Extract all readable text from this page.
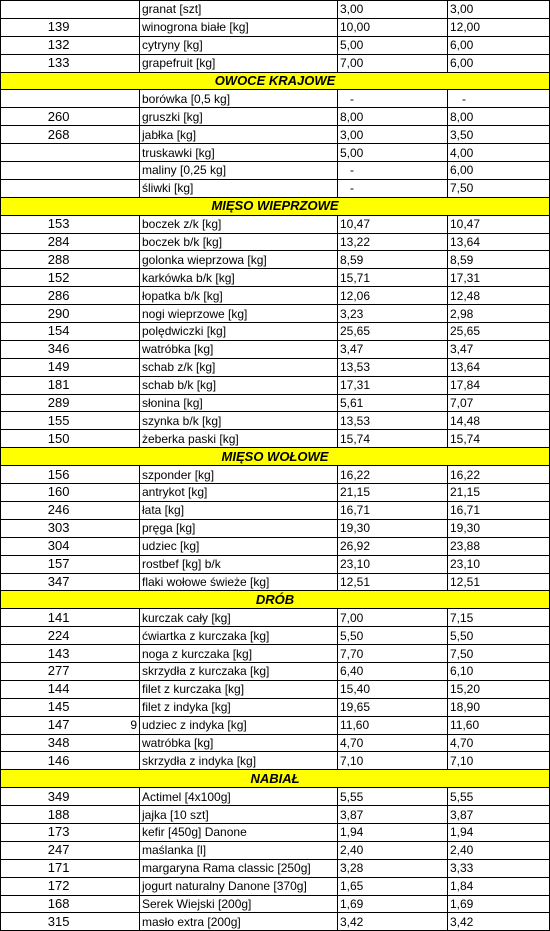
		granat [szt]	3,00	3,00
139		winogrona białe [kg]	10,00	12,00
132		cytryny [kg]	5,00	6,00
133		grapefruit [kg]	7,00	6,00
OWOCE KRAJOWE				
		borówka [0,5 kg]	-	-
260		gruszki [kg]	8,00	8,00
268		jabłka [kg]	3,00	3,50
		truskawki [kg]	5,00	4,00
		maliny [0,25 kg]	-	6,00
		śliwki [kg]	-	7,50
MIĘSO WIEPRZOWE				
153		boczek z/k [kg]	10,47	10,47
284		boczek b/k [kg]	13,22	13,64
288		golonka wieprzowa [kg]	8,59	8,59
152		karkówka b/k [kg]	15,71	17,31
286		łopatka b/k [kg]	12,06	12,48
290		nogi wieprzowe [kg]	3,23	2,98
154		polędwiczki [kg]	25,65	25,65
346		watróbka [kg]	3,47	3,47
149		schab z/k [kg]	13,53	13,64
181		schab b/k [kg]	17,31	17,84
289		słonina [kg]	5,61	7,07
155		szynka b/k [kg]	13,53	14,48
150		żeberka paski [kg]	15,74	15,74
MIĘSO WOŁOWE				
156		szponder [kg]	16,22	16,22
160		antrykot [kg]	21,15	21,15
246		łata [kg]	16,71	16,71
303		pręga [kg]	19,30	19,30
304		udziec [kg]	26,92	23,88
157		rostbef [kg] b/k	23,10	23,10
347		flaki wołowe świeże [kg]	12,51	12,51
DRÓB				
141		kurczak cały [kg]	7,00	7,15
224		ćwiartka z kurczaka [kg]	5,50	5,50
143		noga z kurczaka [kg]	7,70	7,50
277		skrzydła z kurczaka [kg]	6,40	6,10
144		filet z kurczaka [kg]	15,40	15,20
145		filet z indyka [kg]	19,65	18,90
147	9	udziec z indyka [kg]	11,60	11,60
348		watróbka [kg]	4,70	4,70
146		skrzydła z indyka [kg]	7,10	7,10
NABIAŁ				
349		Actimel [4x100g]	5,55	5,55
188		jajka [10 szt]	3,87	3,87
173		kefir [450g] Danone	1,94	1,94
247		maślanka [l]	2,40	2,40
171		margaryna Rama classic [250g]	3,28	3,33
172		jogurt naturalny Danone [370g]	1,65	1,84
168		Serek Wiejski [200g]	1,69	1,69
315		masło extra [200g]	3,42	3,42
